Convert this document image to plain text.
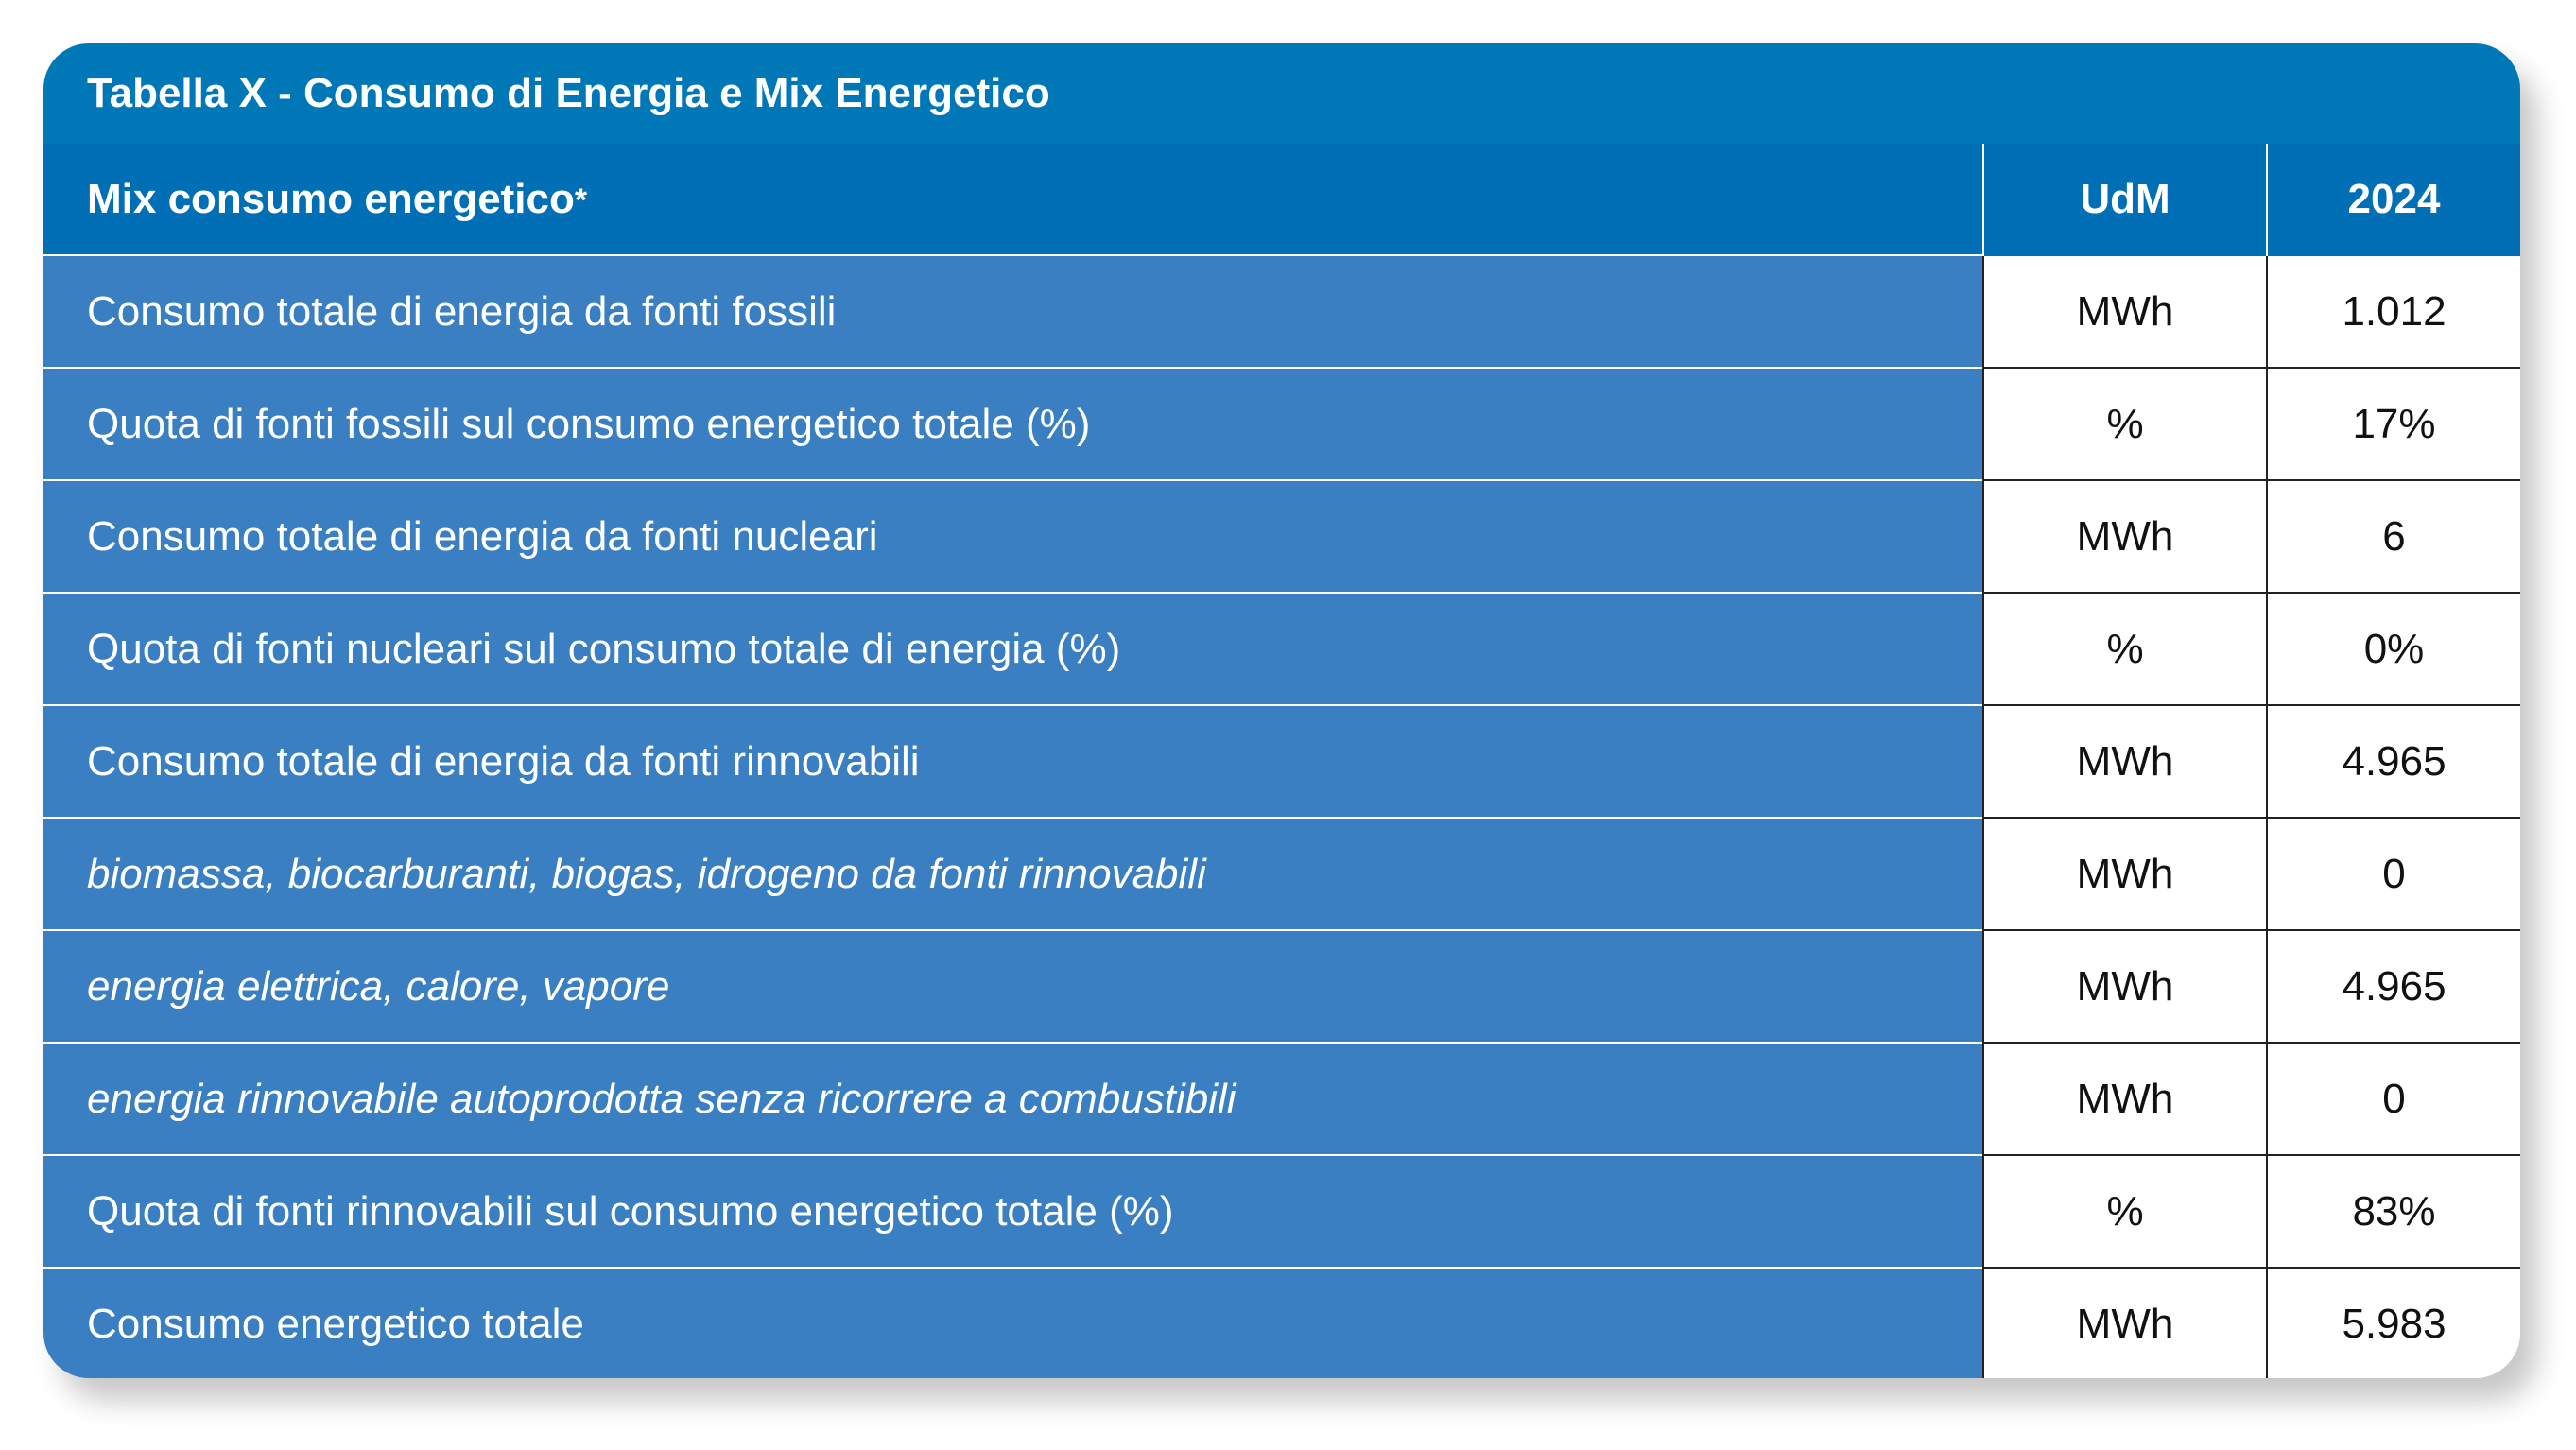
Tabella X - Consumo di Energia e Mix Energetico
Mix consumo energetico*	UdM	2024
Consumo totale di energia da fonti fossili	MWh	1.012
Quota di fonti fossili sul consumo energetico totale (%)	%	17%
Consumo totale di energia da fonti nucleari	MWh	6
Quota di fonti nucleari sul consumo totale di energia (%)	%	0%
Consumo totale di energia da fonti rinnovabili	MWh	4.965
biomassa, biocarburanti, biogas, idrogeno da fonti rinnovabili	MWh	0
energia elettrica, calore, vapore	MWh	4.965
energia rinnovabile autoprodotta senza ricorrere a combustibili	MWh	0
Quota di fonti rinnovabili sul consumo energetico totale (%)	%	83%
Consumo energetico totale	MWh	5.983
